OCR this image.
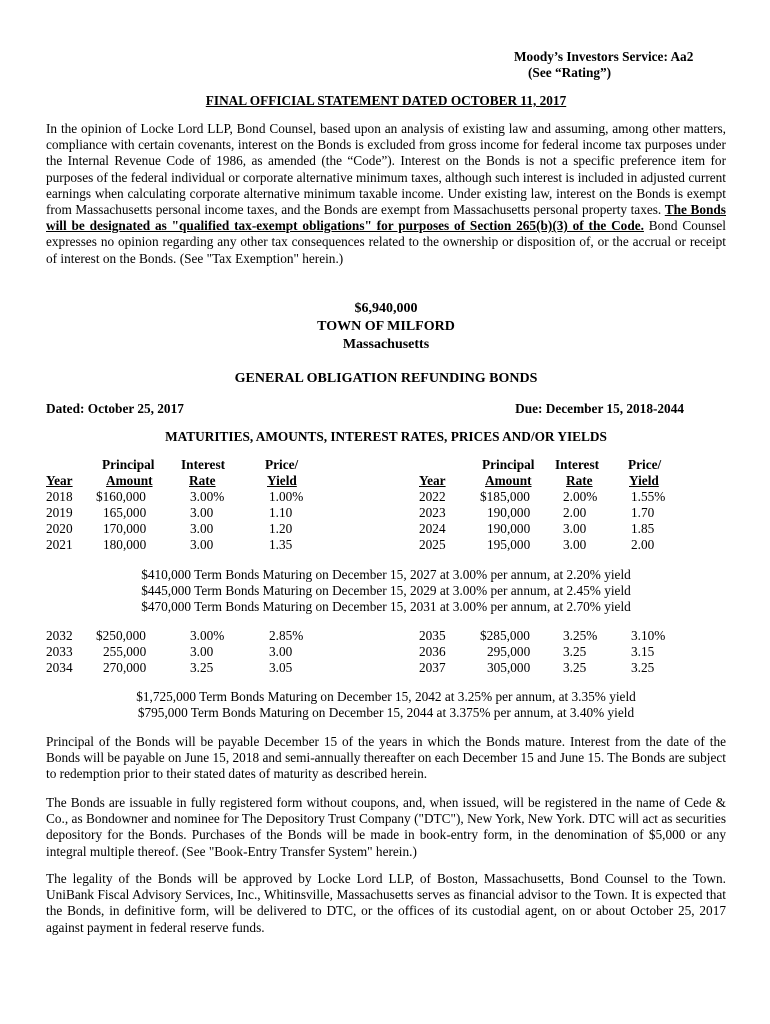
Moody’s Investors Service: Aa2
(See “Rating”)
FINAL OFFICIAL STATEMENT DATED OCTOBER 11, 2017
In the opinion of Locke Lord LLP, Bond Counsel, based upon an analysis of existing law and assuming, among other matters, compliance with certain covenants, interest on the Bonds is excluded from gross income for federal income tax purposes under the Internal Revenue Code of 1986, as amended (the “Code”). Interest on the Bonds is not a specific preference item for purposes of the federal individual or corporate alternative minimum taxes, although such interest is included in adjusted current earnings when calculating corporate alternative minimum taxable income. Under existing law, interest on the Bonds is exempt from Massachusetts personal income taxes, and the Bonds are exempt from Massachusetts personal property taxes. The Bonds will be designated as "qualified tax-exempt obligations" for purposes of Section 265(b)(3) of the Code. Bond Counsel expresses no opinion regarding any other tax consequences related to the ownership or disposition of, or the accrual or receipt of interest on the Bonds. (See "Tax Exemption" herein.)
$6,940,000
TOWN OF MILFORD
Massachusetts
GENERAL OBLIGATION REFUNDING BONDS
Dated: October 25, 2017	Due: December 15, 2018-2044
MATURITIES, AMOUNTS, INTEREST RATES, PRICES AND/OR YIELDS
Principal Interest	Price/	Principal Interest Price/
Year	Amount	Rate	Yield	Year	Amount	Rate	Yield
2018 $160,000	3.00%	1.00%	2022	$185,000 2.00%	1.55%
2019 165,000	3.00	1.10	2023	190,000 2.00	1.70
2020 170,000	3.00	1.20	2024	190,000 3.00	1.85
2021 180,000	3.00	1.35	2025	195,000 3.00	2.00
$410,000 Term Bonds Maturing on December 15, 2027 at 3.00% per annum, at 2.20% yield
$445,000 Term Bonds Maturing on December 15, 2029 at 3.00% per annum, at 2.45% yield
$470,000 Term Bonds Maturing on December 15, 2031 at 3.00% per annum, at 2.70% yield
2032 $250,000	3.00%	2.85%	2035	$285,000 3.25%	3.10%
2033 255,000	3.00	3.00	2036	295,000 3.25	3.15
2034 270,000	3.25	3.05	2037	305,000 3.25	3.25
$1,725,000 Term Bonds Maturing on December 15, 2042 at 3.25% per annum, at 3.35% yield
$795,000 Term Bonds Maturing on December 15, 2044 at 3.375% per annum, at 3.40% yield
Principal of the Bonds will be payable December 15 of the years in which the Bonds mature. Interest from the date of the Bonds will be payable on June 15, 2018 and semi-annually thereafter on each December 15 and June 15. The Bonds are subject to redemption prior to their stated dates of maturity as described herein.
The Bonds are issuable in fully registered form without coupons, and, when issued, will be registered in the name of Cede & Co., as Bondowner and nominee for The Depository Trust Company ("DTC"), New York, New York. DTC will act as securities depository for the Bonds. Purchases of the Bonds will be made in book-entry form, in the denomination of $5,000 or any integral multiple thereof. (See "Book-Entry Transfer System" herein.)
The legality of the Bonds will be approved by Locke Lord LLP, of Boston, Massachusetts, Bond Counsel to the Town. UniBank Fiscal Advisory Services, Inc., Whitinsville, Massachusetts serves as financial advisor to the Town. It is expected that the Bonds, in definitive form, will be delivered to DTC, or the offices of its custodial agent, on or about October 25, 2017 against payment in federal reserve funds.
